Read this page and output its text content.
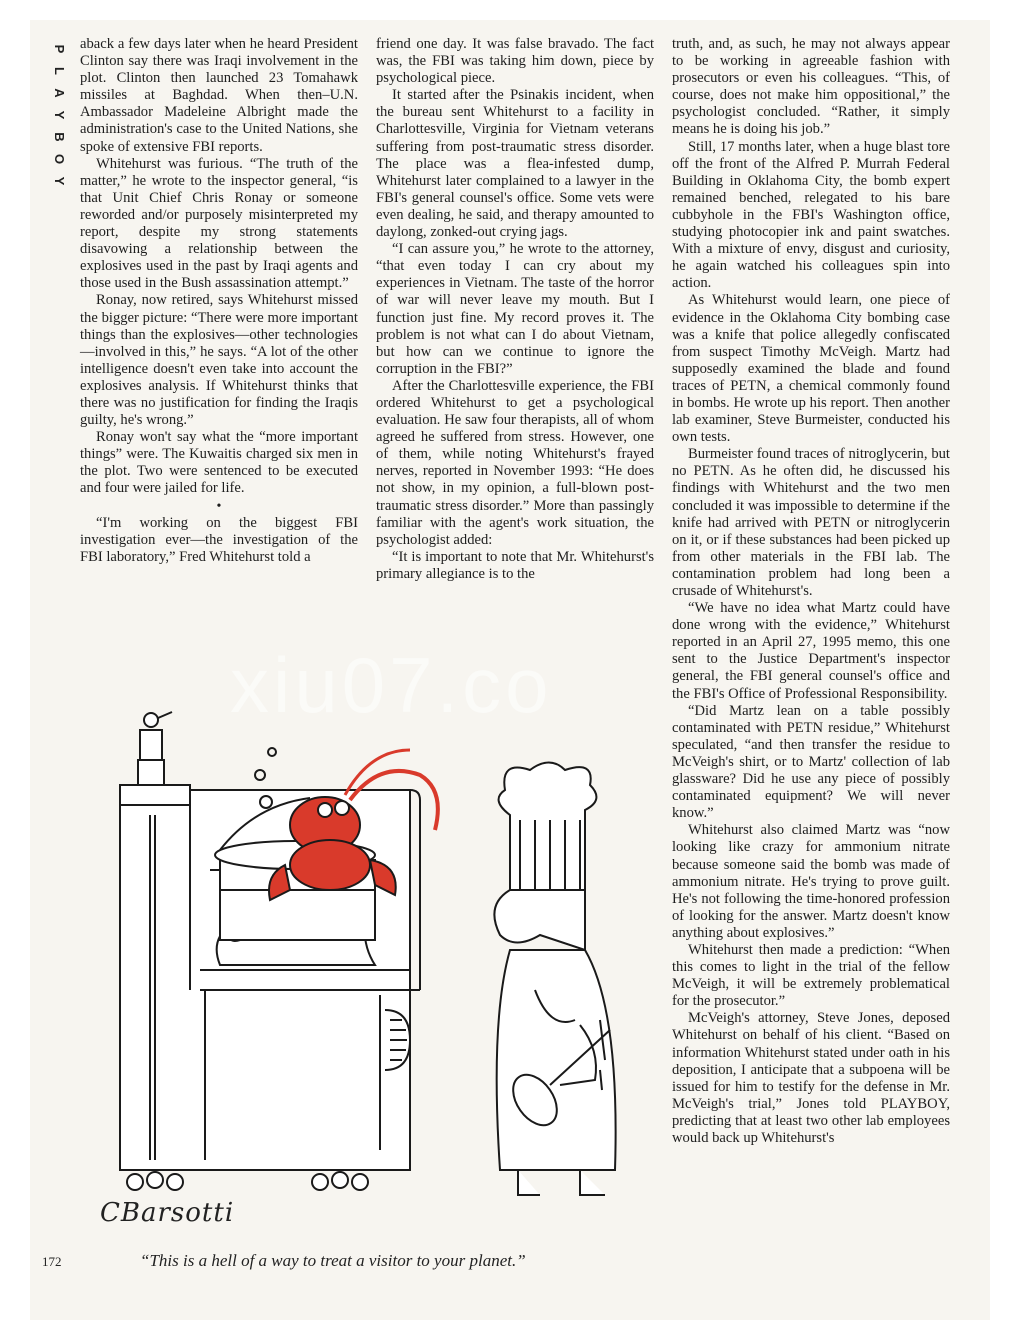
P
L
A
Y
B
O
Y

aback a few days later when he heard President Clinton say there was Iraqi involvement in the plot. Clinton then launched 23 Tomahawk missiles at Baghdad. When then–U.N. Ambassador Madeleine Albright made the administration's case to the United Nations, she spoke of extensive FBI reports.

Whitehurst was furious. “The truth of the matter,” he wrote to the inspector general, “is that Unit Chief Chris Ronay or someone reworded and/or purposely misinterpreted my report, despite my strong statements disavowing a relationship between the explosives used in the past by Iraqi agents and those used in the Bush assassination attempt.”

Ronay, now retired, says Whitehurst missed the bigger picture: “There were more important things than the explosives—other technologies—involved in this,” he says. “A lot of the other intelligence doesn't even take into account the explosives analysis. If Whitehurst thinks that there was no justification for finding the Iraqis guilty, he's wrong.”

Ronay won't say what the “more important things” were. The Kuwaitis charged six men in the plot. Two were sentenced to be executed and four were jailed for life.

•

“I'm working on the biggest FBI investigation ever—the investigation of the FBI laboratory,” Fred Whitehurst told a

friend one day. It was false bravado. The fact was, the FBI was taking him down, piece by psychological piece.

It started after the Psinakis incident, when the bureau sent Whitehurst to a facility in Charlottesville, Virginia for Vietnam veterans suffering from post-traumatic stress disorder. The place was a flea-infested dump, Whitehurst later complained to a lawyer in the FBI's general counsel's office. Some vets were even dealing, he said, and therapy amounted to daylong, zonked-out crying jags.

“I can assure you,” he wrote to the attorney, “that even today I can cry about my experiences in Vietnam. The taste of the horror of war will never leave my mouth. But I function just fine. My record proves it. The problem is not what can I do about Vietnam, but how can we continue to ignore the corruption in the FBI?”

After the Charlottesville experience, the FBI ordered Whitehurst to get a psychological evaluation. He saw four therapists, all of whom agreed he suffered from stress. However, one of them, while noting Whitehurst's frayed nerves, reported in November 1993: “He does not show, in my opinion, a full-blown post-traumatic stress disorder.” More than passingly familiar with the agent's work situation, the psychologist added:

“It is important to note that Mr. Whitehurst's primary allegiance is to the

truth, and, as such, he may not always appear to be working in agreeable fashion with prosecutors or even his colleagues. “This, of course, does not make him oppositional,” the psychologist concluded. “Rather, it simply means he is doing his job.”

Still, 17 months later, when a huge blast tore off the front of the Alfred P. Murrah Federal Building in Oklahoma City, the bomb expert remained benched, relegated to his bare cubbyhole in the FBI's Washington office, studying photocopier ink and paint swatches. With a mixture of envy, disgust and curiosity, he again watched his colleagues spin into action.

As Whitehurst would learn, one piece of evidence in the Oklahoma City bombing case was a knife that police allegedly confiscated from suspect Timothy McVeigh. Martz had supposedly examined the blade and found traces of PETN, a chemical commonly found in bombs. He wrote up his report. Then another lab examiner, Steve Burmeister, conducted his own tests.

Burmeister found traces of nitroglycerin, but no PETN. As he often did, he discussed his findings with Whitehurst and the two men concluded it was impossible to determine if the knife had arrived with PETN or nitroglycerin on it, or if these substances had been picked up from other materials in the FBI lab. The contamination problem had long been a crusade of Whitehurst's.

“We have no idea what Martz could have done wrong with the evidence,” Whitehurst reported in an April 27, 1995 memo, this one sent to the Justice Department's inspector general, the FBI general counsel's office and the FBI's Office of Professional Responsibility.

“Did Martz lean on a table possibly contaminated with PETN residue,” Whitehurst speculated, “and then transfer the residue to McVeigh's shirt, or to Martz' collection of lab glassware? Did he use any piece of possibly contaminated equipment? We will never know.”

Whitehurst also claimed Martz was “now looking like crazy for ammonium nitrate because someone said the bomb was made of ammonium nitrate. He's trying to prove guilt. He's not following the time-honored profession of looking for the answer. Martz doesn't know anything about explosives.”

Whitehurst then made a prediction: “When this comes to light in the trial of the fellow McVeigh, it will be extremely problematical for the prosecutor.”

McVeigh's attorney, Steve Jones, deposed Whitehurst on behalf of his client. “Based on information Whitehurst stated under oath in his deposition, I anticipate that a subpoena will be issued for him to testify for the defense in Mr. McVeigh's trial,” Jones told PLAYBOY, predicting that at least two other lab employees would back up Whitehurst's

CBarsotti
“This is a hell of a way to treat a visitor to your planet.”
172
xiu07.co
